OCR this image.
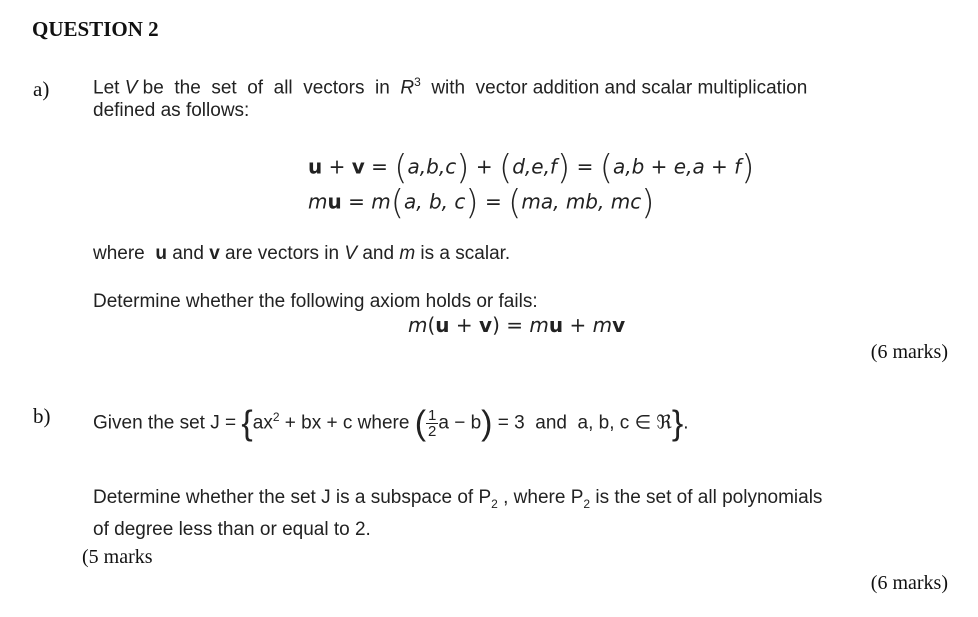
QUESTION 2
a) Let V be  the  set  of  all  vectors  in  $R^3$  with  vector addition and scalar multiplication
defined as follows:
u + v = (a,b,c) + (d,e,f) = (a,b + e,a + f)
mu = m(a, b, c) = (ma, mb, mc)
where  u and v are vectors in V and m is a scalar.
Determine whether the following axiom holds or fails:
m(u + v) = mu + mv
(6 marks)
b) Given the set $J = \{ax^2$ + bx + c where ( $\frac{1}{2}$ a − b) = 3  and  a, b, c ∈ ℜ}.
Determine whether the set J is a subspace of $P_2$ , where $P_2$ is the set of all polynomials
of degree less than or equal to 2.
(5 marks
(6 marks)
